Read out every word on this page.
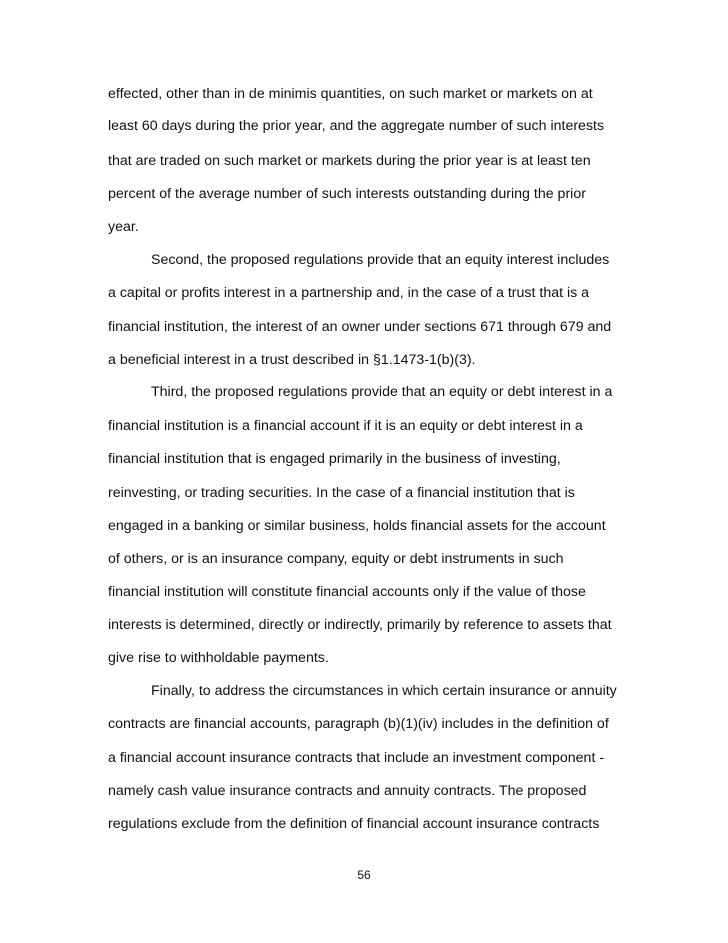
effected, other than in de minimis quantities, on such market or markets on at
least 60 days during the prior year, and the aggregate number of such interests
that are traded on such market or markets during the prior year is at least ten
percent of the average number of such interests outstanding during the prior
year.
Second, the proposed regulations provide that an equity interest includes
a capital or profits interest in a partnership and, in the case of a trust that is a
financial institution, the interest of an owner under sections 671 through 679 and
a beneficial interest in a trust described in §1.1473-1(b)(3).
Third, the proposed regulations provide that an equity or debt interest in a
financial institution is a financial account if it is an equity or debt interest in a
financial institution that is engaged primarily in the business of investing,
reinvesting, or trading securities. In the case of a financial institution that is
engaged in a banking or similar business, holds financial assets for the account
of others, or is an insurance company, equity or debt instruments in such
financial institution will constitute financial accounts only if the value of those
interests is determined, directly or indirectly, primarily by reference to assets that
give rise to withholdable payments.
Finally, to address the circumstances in which certain insurance or annuity
contracts are financial accounts, paragraph (b)(1)(iv) includes in the definition of
a financial account insurance contracts that include an investment component -
namely cash value insurance contracts and annuity contracts. The proposed
regulations exclude from the definition of financial account insurance contracts
56
